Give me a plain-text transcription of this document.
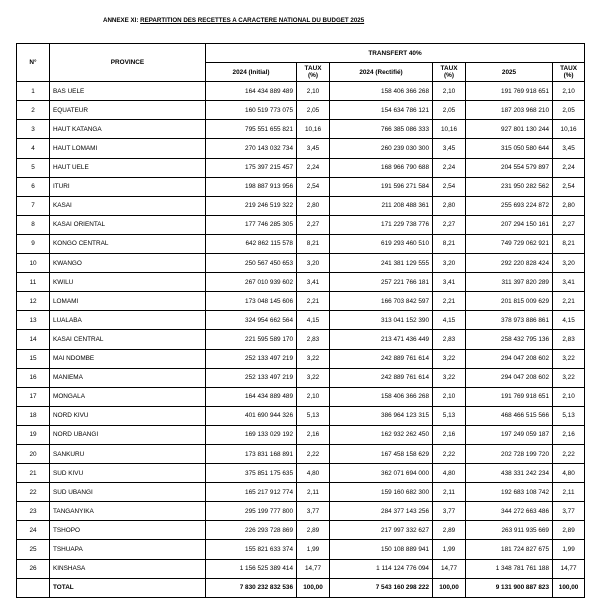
ANNEXE XI: REPARTITION DES RECETTES A CARACTERE NATIONAL DU BUDGET 2025
N°	PROVINCE	TRANSFERT 40%					
		2024 (Initial)	TAUX (%)	2024 (Rectifié)	TAUX (%)	2025	TAUX (%)
1	BAS UELE	164 434 889 489	2,10	158 406 366 268	2,10	191 769 918 651	2,10
2	EQUATEUR	160 519 773 075	2,05	154 634 786 121	2,05	187 203 968 210	2,05
3	HAUT KATANGA	795 551 655 821	10,16	766 385 086 333	10,16	927 801 130 244	10,16
4	HAUT LOMAMI	270 143 032 734	3,45	260 239 030 300	3,45	315 050 580 644	3,45
5	HAUT UELE	175 397 215 457	2,24	168 966 790 688	2,24	204 554 579 897	2,24
6	ITURI	198 887 913 956	2,54	191 596 271 584	2,54	231 950 282 562	2,54
7	KASAI	219 246 519 322	2,80	211 208 488 361	2,80	255 693 224 872	2,80
8	KASAI ORIENTAL	177 746 285 305	2,27	171 229 738 776	2,27	207 294 150 161	2,27
9	KONGO CENTRAL	642 862 115 578	8,21	619 293 460 510	8,21	749 729 062 921	8,21
10	KWANGO	250 567 450 653	3,20	241 381 129 555	3,20	292 220 828 424	3,20
11	KWILU	267 010 939 602	3,41	257 221 766 181	3,41	311 397 820 289	3,41
12	LOMAMI	173 048 145 606	2,21	166 703 842 597	2,21	201 815 009 629	2,21
13	LUALABA	324 954 662 564	4,15	313 041 152 390	4,15	378 973 886 861	4,15
14	KASAI CENTRAL	221 595 589 170	2,83	213 471 436 449	2,83	258 432 795 136	2,83
15	MAI NDOMBE	252 133 497 219	3,22	242 889 761 614	3,22	294 047 208 602	3,22
16	MANIEMA	252 133 497 219	3,22	242 889 761 614	3,22	294 047 208 602	3,22
17	MONGALA	164 434 889 489	2,10	158 406 366 268	2,10	191 769 918 651	2,10
18	NORD KIVU	401 690 944 326	5,13	386 964 123 315	5,13	468 466 515 566	5,13
19	NORD UBANGI	169 133 029 192	2,16	162 932 262 450	2,16	197 249 059 187	2,16
20	SANKURU	173 831 168 891	2,22	167 458 158 629	2,22	202 728 199 720	2,22
21	SUD KIVU	375 851 175 635	4,80	362 071 694 000	4,80	438 331 242 234	4,80
22	SUD UBANGI	165 217 912 774	2,11	159 160 682 300	2,11	192 683 108 742	2,11
23	TANGANYIKA	295 199 777 800	3,77	284 377 143 256	3,77	344 272 663 486	3,77
24	TSHOPO	226 293 728 869	2,89	217 997 332 627	2,89	263 911 935 669	2,89
25	TSHUAPA	155 821 633 374	1,99	150 108 889 941	1,99	181 724 827 675	1,99
26	KINSHASA	1 156 525 389 414	14,77	1 114 124 776 094	14,77	1 348 781 761 188	14,77
	TOTAL	7 830 232 832 536	100,00	7 543 160 298 222	100,00	9 131 900 887 823	100,00
